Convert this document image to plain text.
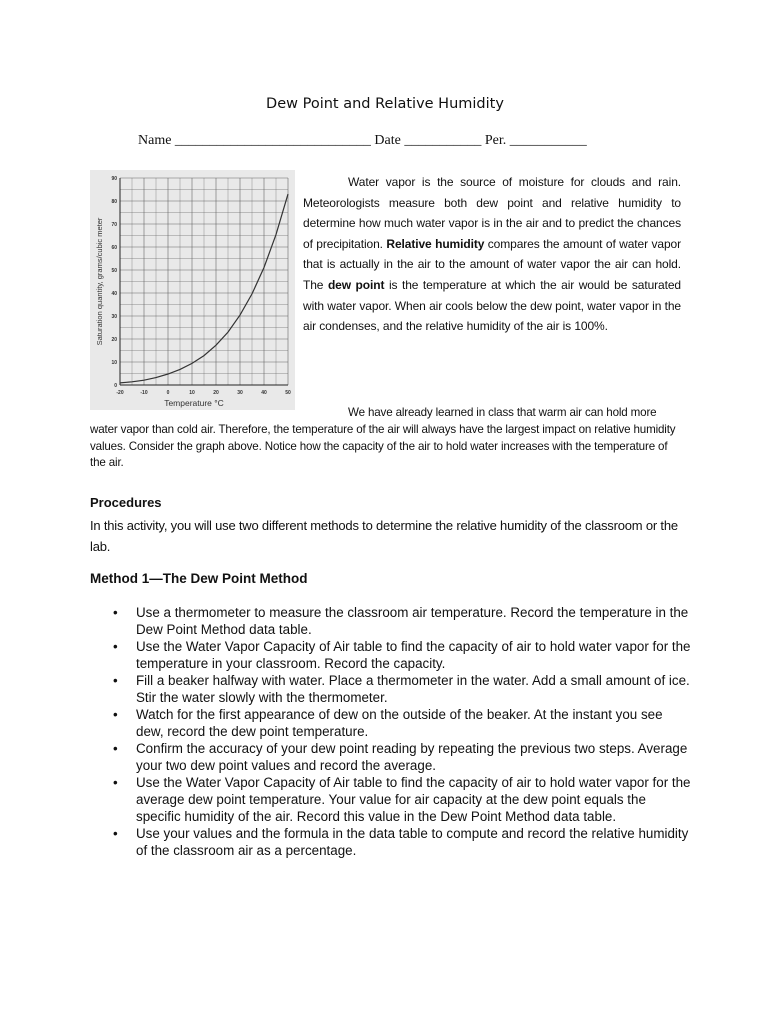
Dew Point and Relative Humidity
Name ____________________________ Date ___________ Per. ___________
-20	-10	0	10	20	30	40	50
0
10
20
30
40
50
60
70
80
90
Temperature °C
Saturation quantity, grams/cubic meter

Water vapor is the source of moisture for clouds and rain. Meteorologists measure both dew point and relative humidity to determine how much water vapor is in the air and to predict the chances of precipitation. Relative humidity compares the amount of water vapor that is actually in the air to the amount of water vapor the air can hold. The dew point is the temperature at which the air would be saturated with water vapor. When air cools below the dew point, water vapor in the air condenses, and the relative humidity of the air is 100%.

We have already learned in class that warm air can hold more water vapor than cold air. Therefore, the temperature of the air will always have the largest impact on relative humidity values. Consider the graph above. Notice how the capacity of the air to hold water increases with the temperature of the air.
Procedures
In this activity, you will use two different methods to determine the relative humidity of the classroom or the lab.
Method 1—The Dew Point Method
• Use a thermometer to measure the classroom air temperature. Record the temperature in the Dew Point Method data table.
• Use the Water Vapor Capacity of Air table to find the capacity of air to hold water vapor for the temperature in your classroom. Record the capacity.
• Fill a beaker halfway with water. Place a thermometer in the water. Add a small amount of ice. Stir the water slowly with the thermometer.
• Watch for the first appearance of dew on the outside of the beaker. At the instant you see dew, record the dew point temperature.
• Confirm the accuracy of your dew point reading by repeating the previous two steps. Average your two dew point values and record the average.
• Use the Water Vapor Capacity of Air table to find the capacity of air to hold water vapor for the average dew point temperature. Your value for air capacity at the dew point equals the specific humidity of the air. Record this value in the Dew Point Method data table.
• Use your values and the formula in the data table to compute and record the relative humidity of the classroom air as a percentage.
